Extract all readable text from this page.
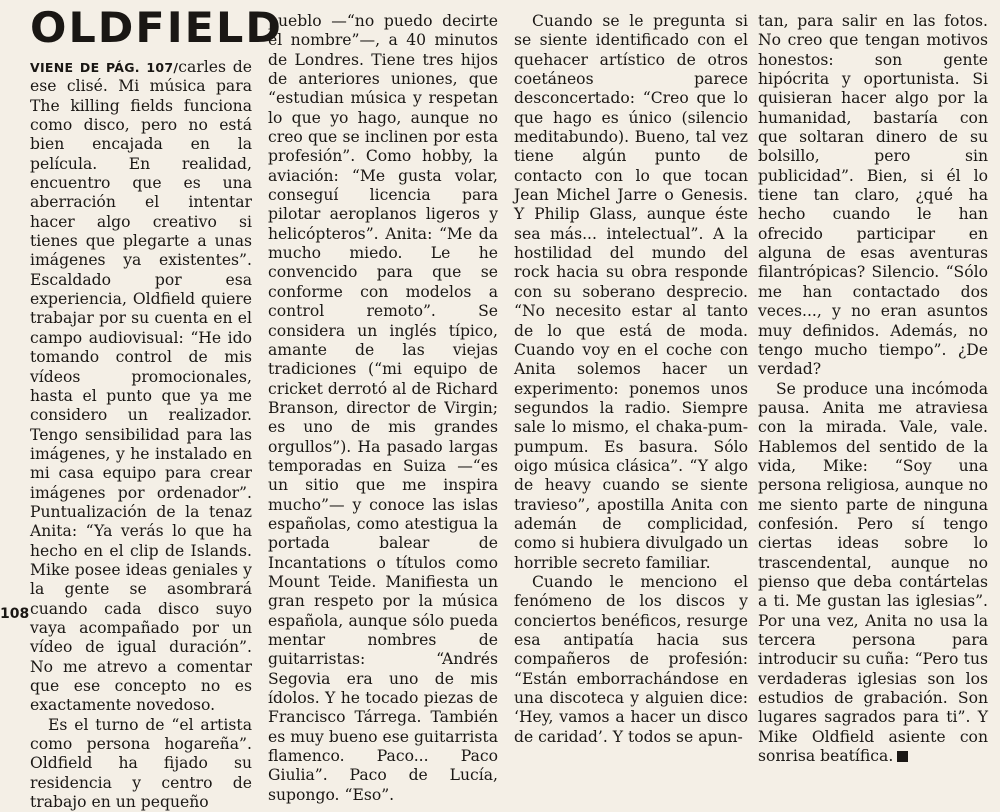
OLDFIELD

VIENE DE PÁG. 107/carles de ese clisé. Mi música para The killing fields funciona como disco, pero no está bien encajada en la película. En realidad, encuentro que es una aberración el intentar hacer algo creativo si tienes que plegarte a unas imágenes ya existentes”. Escaldado por esa experiencia, Oldfield quiere trabajar por su cuenta en el campo audiovisual: “He ido tomando control de mis vídeos promocionales, hasta el punto que ya me considero un realizador. Tengo sensibilidad para las imágenes, y he instalado en mi casa equipo para crear imágenes por ordenador”. Puntualización de la tenaz Anita: “Ya verás lo que ha hecho en el clip de Islands. Mike posee ideas geniales y la gente se asombrará cuando cada disco suyo vaya acompañado por un vídeo de igual duración”. No me atrevo a comentar que ese concepto no es exactamente novedoso.

Es el turno de “el artista como persona hogareña”. Oldfield ha fijado su residencia y centro de trabajo en un pequeño

pueblo —“no puedo decirte el nombre”—, a 40 minutos de Londres. Tiene tres hijos de anteriores uniones, que “estudian música y respetan lo que yo hago, aunque no creo que se inclinen por esta profesión”. Como hobby, la aviación: “Me gusta volar, conseguí licencia para pilotar aeroplanos ligeros y helicópteros”. Anita: “Me da mucho miedo. Le he convencido para que se conforme con modelos a control remoto”. Se considera un inglés típico, amante de las viejas tradiciones (“mi equipo de cricket derrotó al de Richard Branson, director de Virgin; es uno de mis grandes orgullos”). Ha pasado largas temporadas en Suiza —“es un sitio que me inspira mucho”— y conoce las islas españolas, como atestigua la portada balear de Incantations o títulos como Mount Teide. Manifiesta un gran respeto por la música española, aunque sólo pueda mentar nombres de guitarristas: “Andrés Segovia era uno de mis ídolos. Y he tocado piezas de Francisco Tárrega. También es muy bueno ese guitarrista flamenco. Paco... Paco Giulia”. Paco de Lucía, supongo. “Eso”.

Cuando se le pregunta si se siente identificado con el quehacer artístico de otros coetáneos parece desconcertado: “Creo que lo que hago es único (silencio meditabundo). Bueno, tal vez tiene algún punto de contacto con lo que tocan Jean Michel Jarre o Genesis. Y Philip Glass, aunque éste sea más... intelectual”. A la hostilidad del mundo del rock hacia su obra responde con su soberano desprecio. “No necesito estar al tanto de lo que está de moda. Cuando voy en el coche con Anita solemos hacer un experimento: ponemos unos segundos la radio. Siempre sale lo mismo, el chaka-pum-pumpum. Es basura. Sólo oigo música clásica”. “Y algo de heavy cuando se siente travieso”, apostilla Anita con ademán de complicidad, como si hubiera divulgado un horrible secreto familiar.

Cuando le menciono el fenómeno de los discos y conciertos benéficos, resurge esa antipatía hacia sus compañeros de profesión: “Están emborrachándose en una discoteca y alguien dice: ‘Hey, vamos a hacer un disco de caridad’. Y todos se apun-

tan, para salir en las fotos. No creo que tengan motivos honestos: son gente hipócrita y oportunista. Si quisieran hacer algo por la humanidad, bastaría con que soltaran dinero de su bolsillo, pero sin publicidad”. Bien, si él lo tiene tan claro, ¿qué ha hecho cuando le han ofrecido participar en alguna de esas aventuras filantrópicas? Silencio. “Sólo me han contactado dos veces..., y no eran asuntos muy definidos. Además, no tengo mucho tiempo”. ¿De verdad?

Se produce una incómoda pausa. Anita me atraviesa con la mirada. Vale, vale. Hablemos del sentido de la vida, Mike: “Soy una persona religiosa, aunque no me siento parte de ninguna confesión. Pero sí tengo ciertas ideas sobre lo trascendental, aunque no pienso que deba contártelas a ti. Me gustan las iglesias”. Por una vez, Anita no usa la tercera persona para introducir su cuña: “Pero tus verdaderas iglesias son los estudios de grabación. Son lugares sagrados para ti”. Y Mike Oldfield asiente con sonrisa beatífica.

108
